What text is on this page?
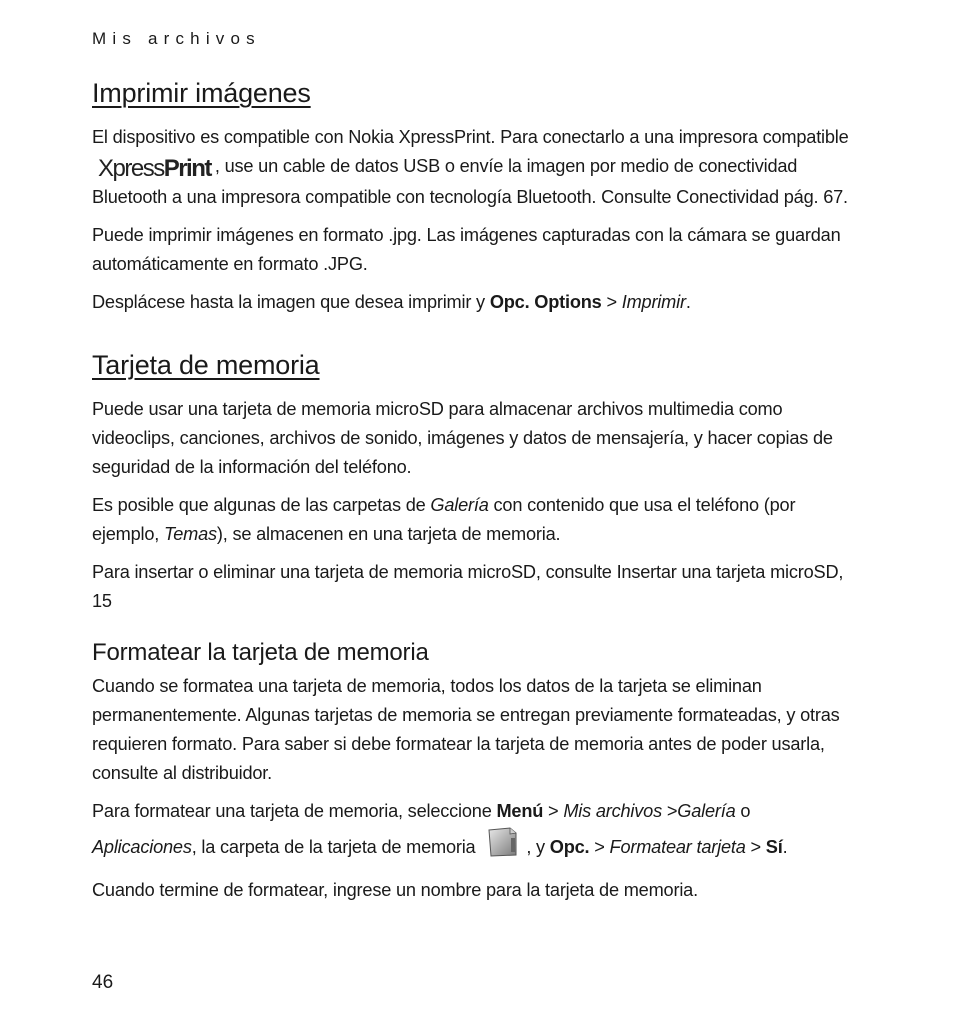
Mis archivos
Imprimir imágenes

El dispositivo es compatible con Nokia XpressPrint. Para conectarlo a una impresora compatibleXpressPrint , use un cable de datos USB o envíe la imagen por medio de conectividad Bluetooth a una impresora compatible con tecnología Bluetooth. Consulte Conectividad pág. 67.

Puede imprimir imágenes en formato .jpg. Las imágenes capturadas con la cámara se guardan automáticamente en formato .JPG.

Desplácese hasta la imagen que desea imprimir y Opc. Options > Imprimir.

Tarjeta de memoria

Puede usar una tarjeta de memoria microSD para almacenar archivos multimedia como videoclips, canciones, archivos de sonido, imágenes y datos de mensajería, y hacer copias de seguridad de la información del teléfono.

Es posible que algunas de las carpetas de Galería con contenido que usa el teléfono (por ejemplo, Temas), se almacenen en una tarjeta de memoria.

Para insertar o eliminar una tarjeta de memoria microSD, consulte Insertar una tarjeta microSD, 15

Formatear la tarjeta de memoria

Cuando se formatea una tarjeta de memoria, todos los datos de la tarjeta se eliminan permanentemente. Algunas tarjetas de memoria se entregan previamente formateadas, y otras requieren formato. Para saber si debe formatear la tarjeta de memoria antes de poder usarla, consulte al distribuidor.

Para formatear una tarjeta de memoria, seleccione Menú > Mis archivos >Galería o Aplicaciones, la carpeta de la tarjeta de memoria	, y Opc. > Formatear tarjeta > Sí.

Cuando termine de formatear, ingrese un nombre para la tarjeta de memoria.

46
